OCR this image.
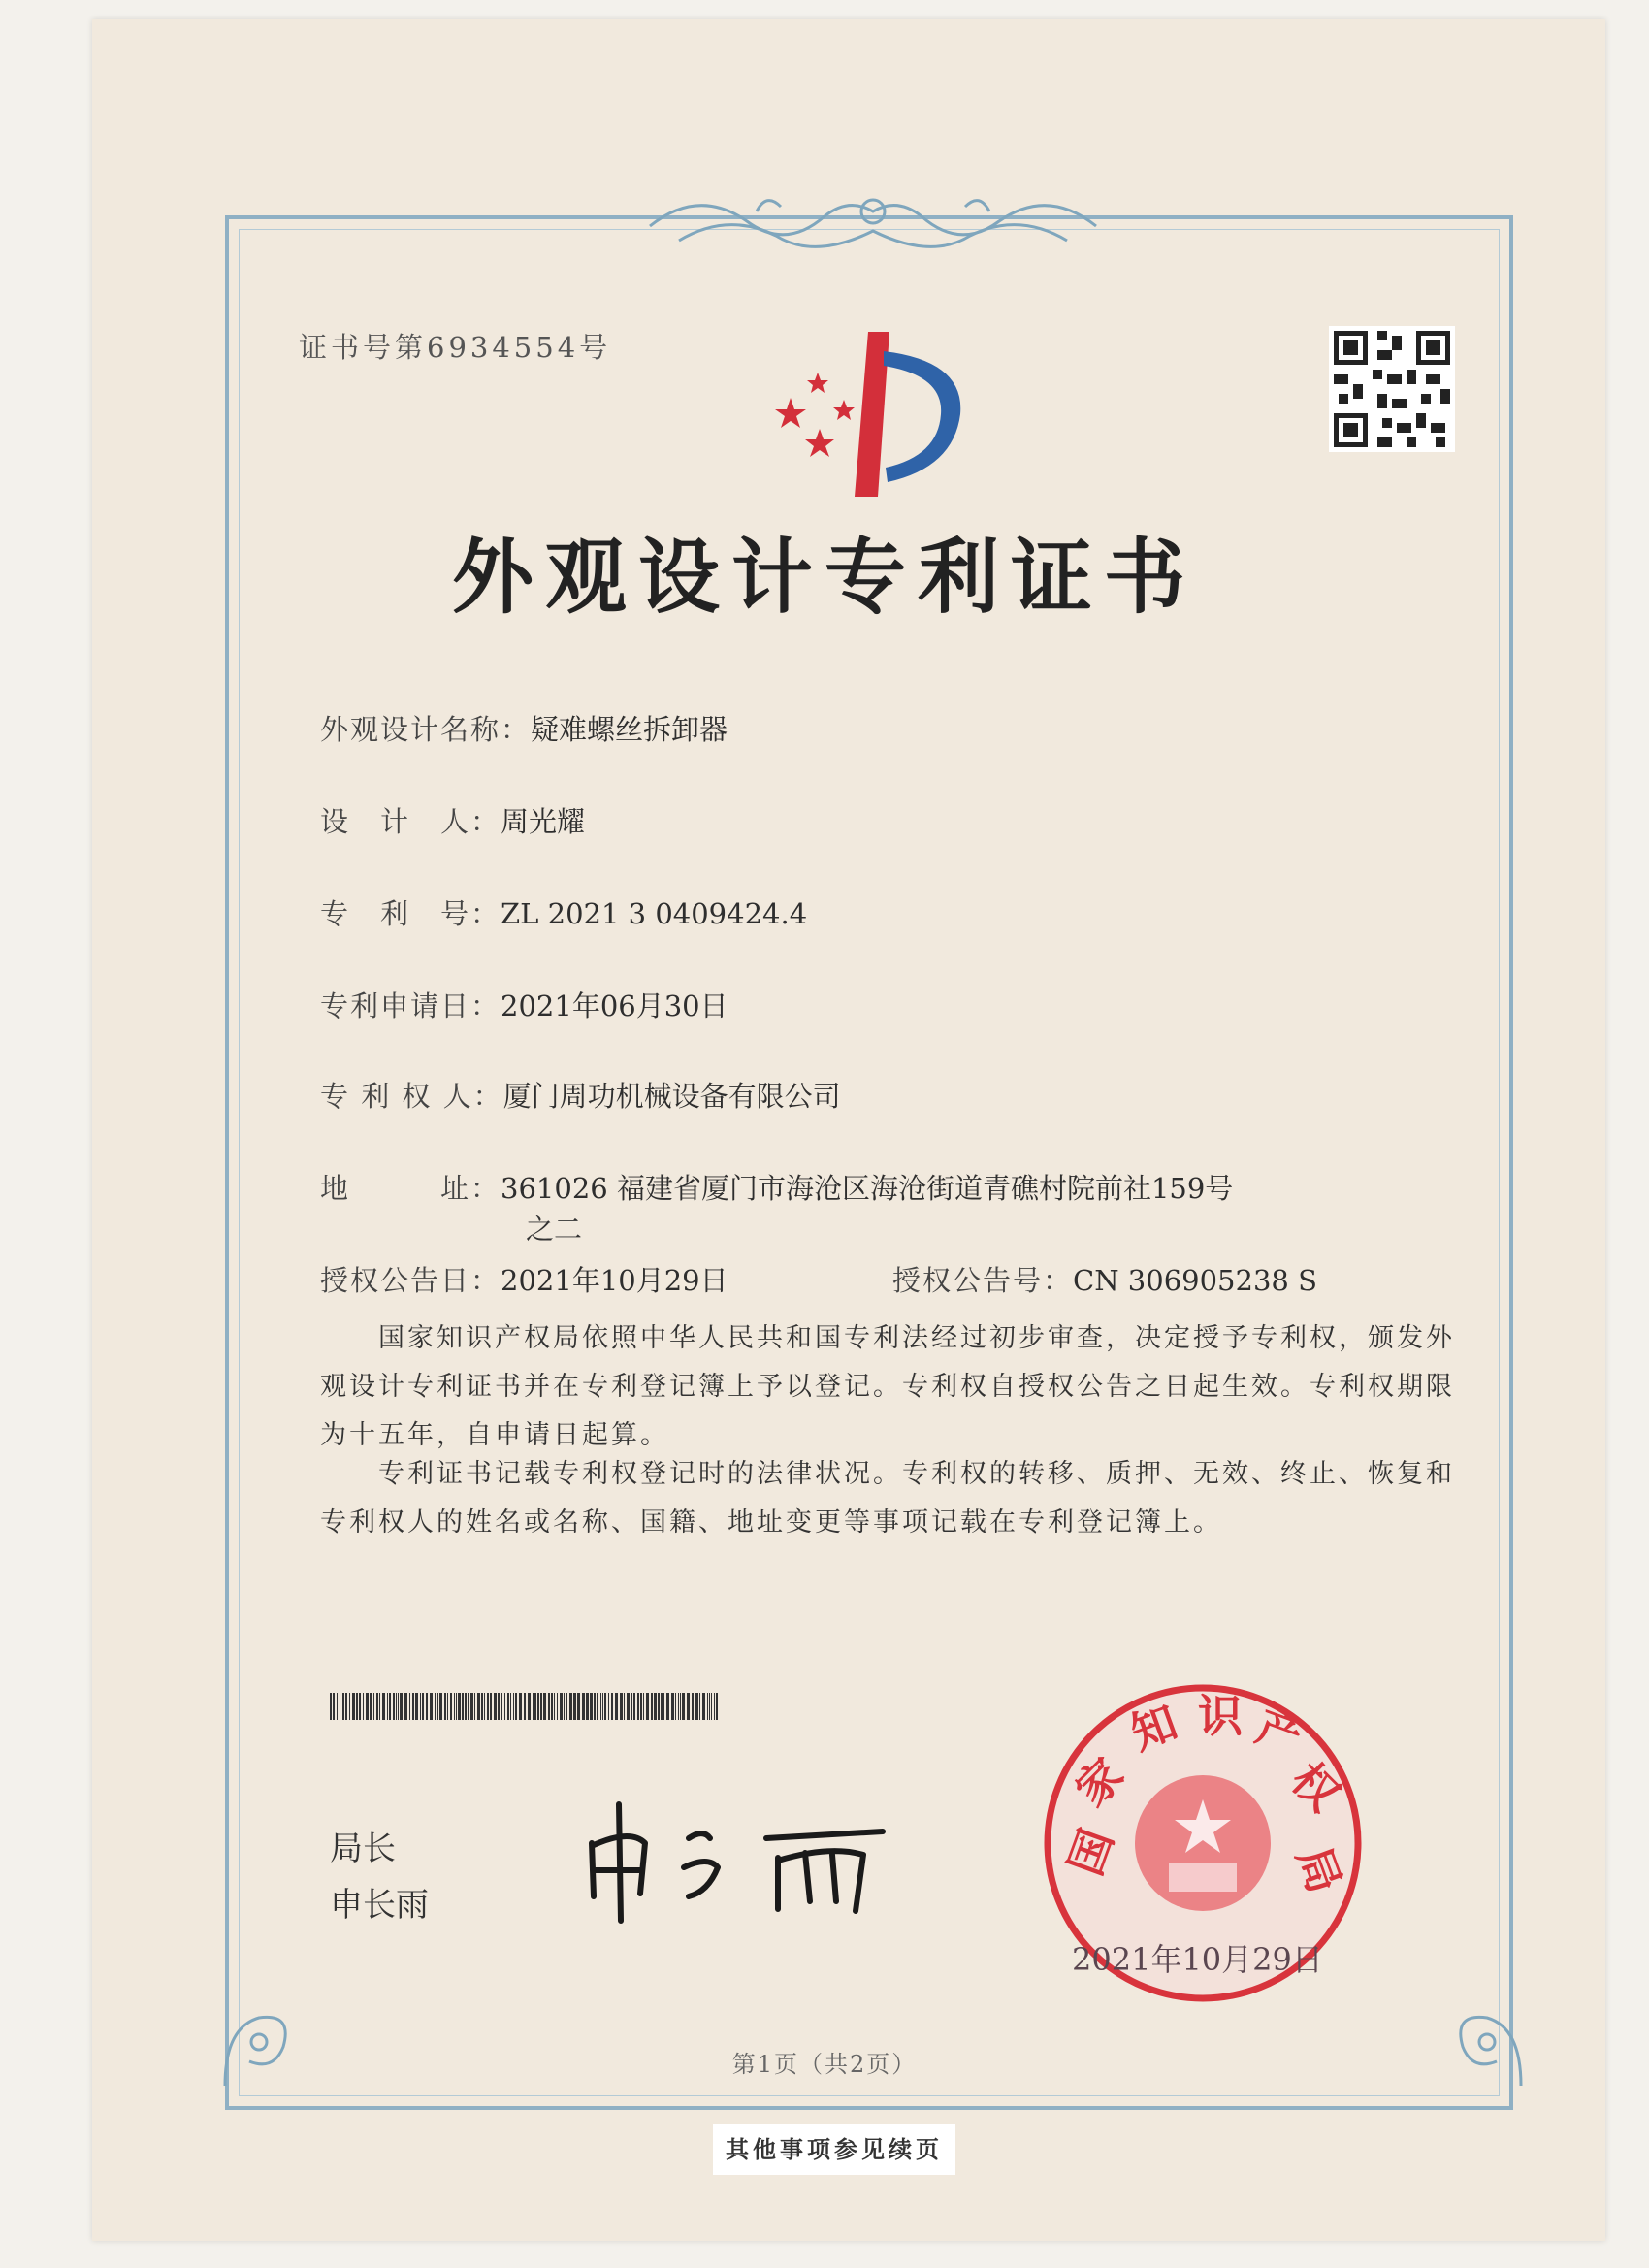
证书号第6934554号
外观设计专利证书
外观设计名称：疑难螺丝拆卸器
设　计　人：周光耀
专　利　号：ZL 2021 3 0409424.4
专利申请日：2021年06月30日
专 利 权 人：厦门周功机械设备有限公司
地　　　址：361026 福建省厦门市海沧区海沧街道青礁村院前社159号
之二
授权公告日：2021年10月29日	授权公告号：CN 306905238 S
国家知识产权局依照中华人民共和国专利法经过初步审查，决定授予专利权，颁发外观设计专利证书并在专利登记簿上予以登记。专利权自授权公告之日起生效。专利权期限为十五年，自申请日起算。
专利证书记载专利权登记时的法律状况。专利权的转移、质押、无效、终止、恢复和专利权人的姓名或名称、国籍、地址变更等事项记载在专利登记簿上。
局长
申长雨
国
家
知 识 产
权
局
2021年10月29日
第1页（共2页）
其他事项参见续页
